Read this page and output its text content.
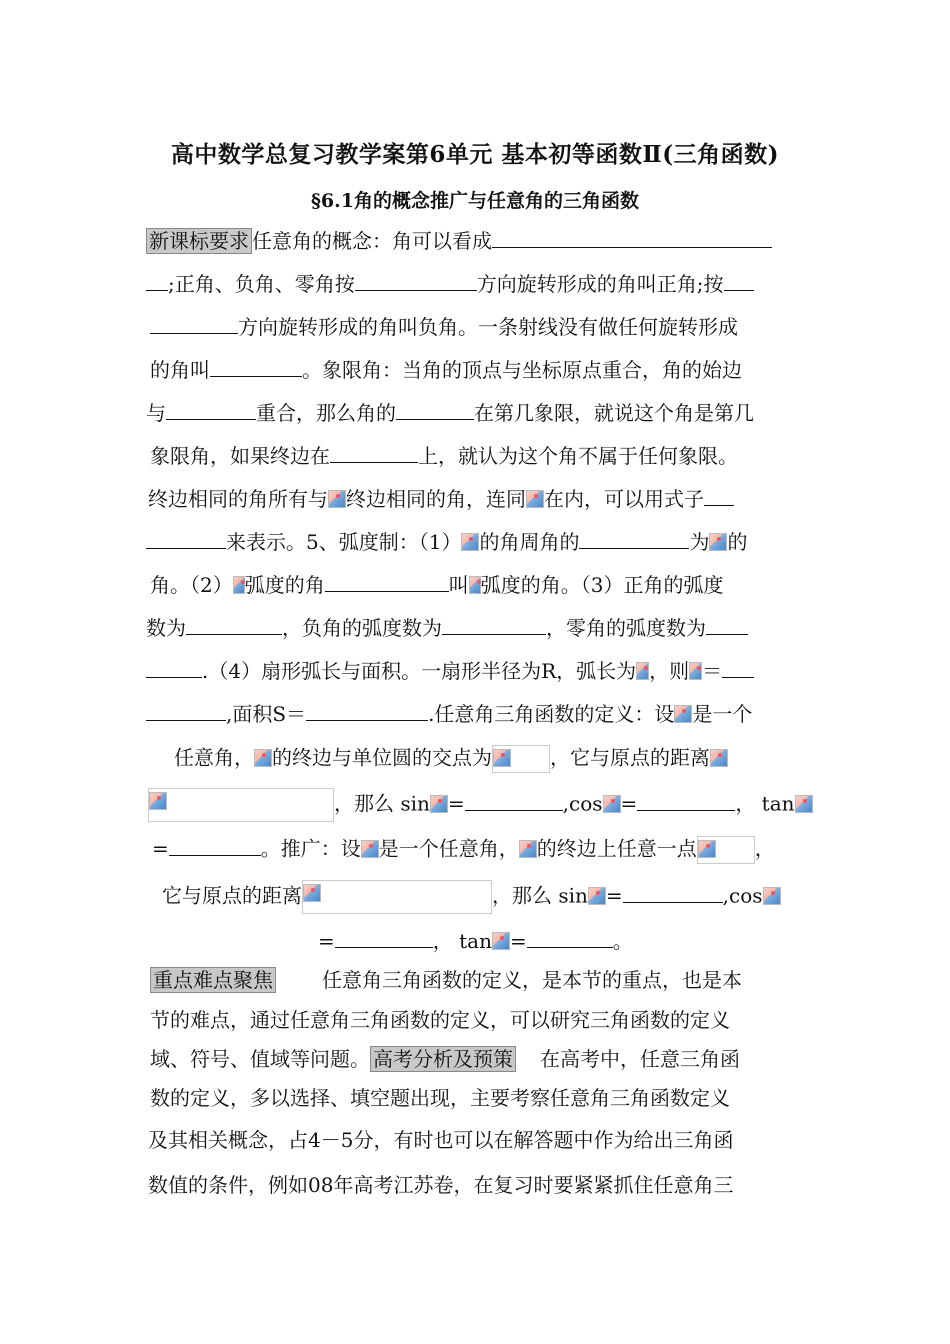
高中数学总复习教学案第6单元 基本初等函数Ⅱ(三角函数)
§6.1角的概念推广与任意角的三角函数
新课标要求 任意角的概念：角可以看成
;正角、负角、零角按	方向旋转形成的角叫正角;按
方向旋转形成的角叫负角。一条射线没有做任何旋转形成
的角叫	。象限角：当角的顶点与坐标原点重合，角的始边
与	重合，那么角的	在第几象限，就说这个角是第几
象限角，如果终边在	上，就认为这个角不属于任何象限。
终边相同的角所有与 终边相同的角，连同 在内，可以用式子
来表示。5、弧度制：（1） 的角周角的	为 的
角。（2） 弧度的角	叫 弧度的角。（3）正角的弧度
数为	，负角的弧度数为	，零角的弧度数为
.（4）扇形弧长与面积。一扇形半径为R，弧长为 ，则 ＝
,面积S＝	.任意角三角函数的定义：设 是一个
任意角， 的终边与单位圆的交点为	，它与原点的距离
，那么 sin =	,cos =	， tan
=	。推广：设 是一个任意角， 的终边上任意一点	，
它与原点的距离	，那么 sin =	,cos
=	， tan =	。
重点难点聚焦 任意角三角函数的定义，是本节的重点，也是本
节的难点，通过任意角三角函数的定义，可以研究三角函数的定义
域、符号、值域等问题。 高考分析及预策 在高考中，任意三角函
数的定义，多以选择、填空题出现，主要考察任意角三角函数定义
及其相关概念，占4－5分，有时也可以在解答题中作为给出三角函
数值的条件，例如08年高考江苏卷，在复习时要紧紧抓住任意角三
